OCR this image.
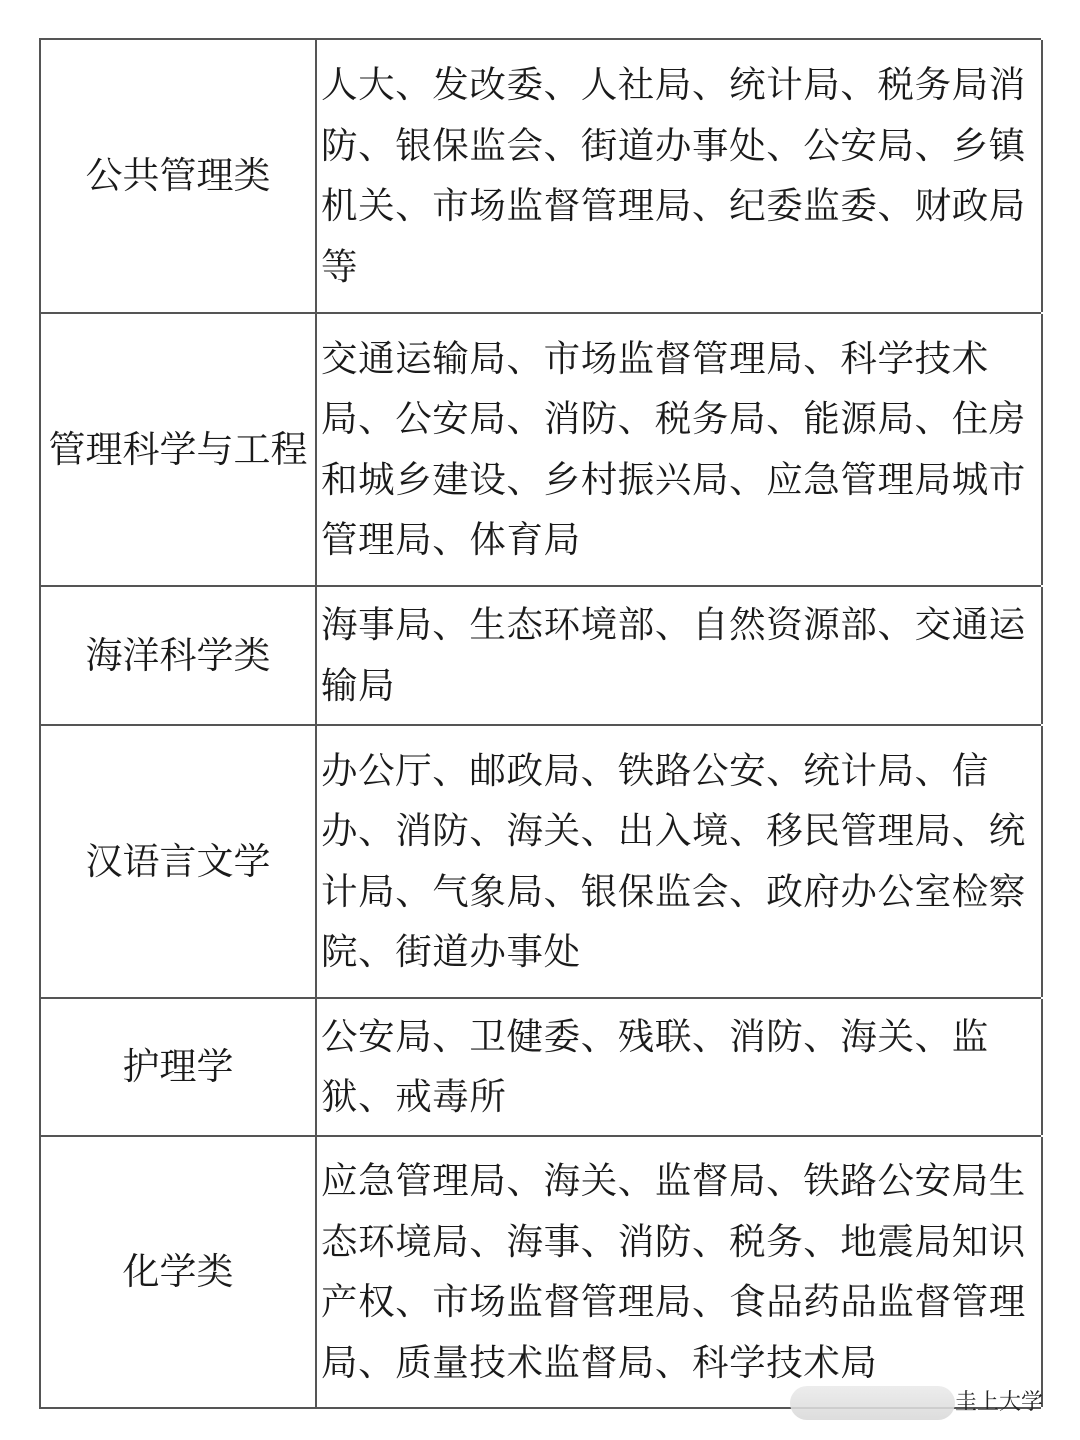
公共管理类
人大、发改委、人社局、统计局、税务局消防、银保监会、街道办事处、公安局、乡镇机关、市场监督管理局、纪委监委、财政局等
管理科学与工程
交通运输局、市场监督管理局、科学技术局、公安局、消防、税务局、能源局、住房和城乡建设、乡村振兴局、应急管理局城市管理局、体育局
海洋科学类
海事局、生态环境部、自然资源部、交通运输局
汉语言文学
办公厅、邮政局、铁路公安、统计局、信办、消防、海关、出入境、移民管理局、统计局、气象局、银保监会、政府办公室检察院、街道办事处
护理学
公安局、卫健委、残联、消防、海关、监狱、戒毒所
化学类
应急管理局、海关、监督局、铁路公安局生态环境局、海事、消防、税务、地震局知识产权、市场监督管理局、食品药品监督管理局、质量技术监督局、科学技术局
圭上大学
